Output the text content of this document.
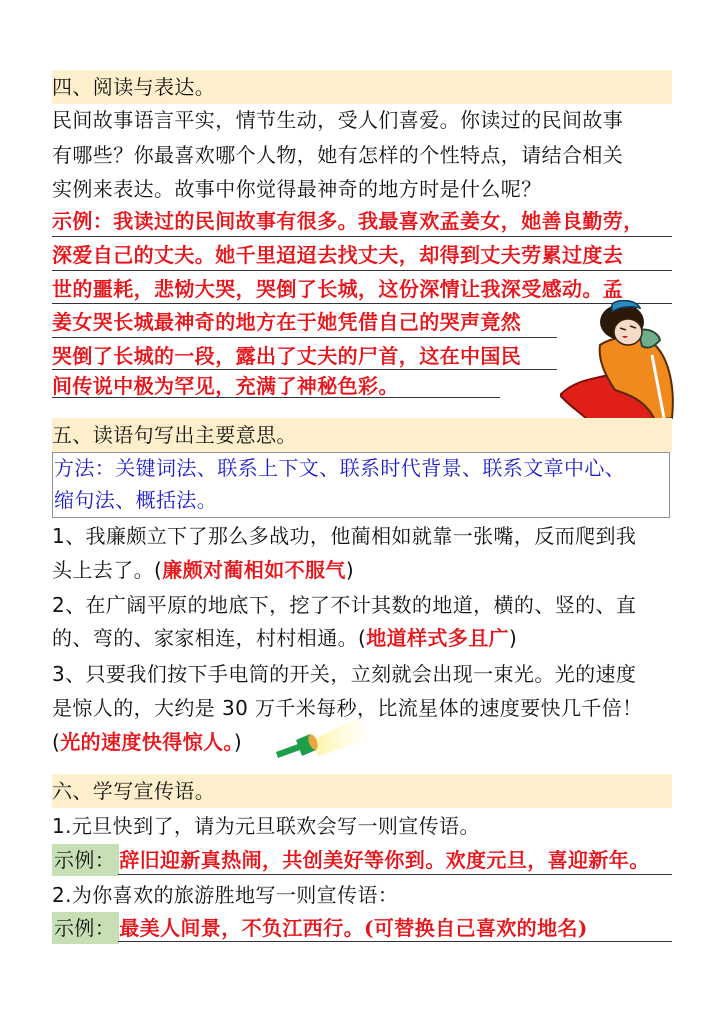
四、阅读与表达。
民间故事语言平实，情节生动，受人们喜爱。你读过的民间故事
有哪些？你最喜欢哪个人物，她有怎样的个性特点，请结合相关
实例来表达。故事中你觉得最神奇的地方时是什么呢？
示例：我读过的民间故事有很多。我最喜欢孟姜女，她善良勤劳，
深爱自己的丈夫。她千里迢迢去找丈夫，却得到丈夫劳累过度去
世的噩耗，悲恸大哭，哭倒了长城，这份深情让我深受感动。孟
姜女哭长城最神奇的地方在于她凭借自己的哭声竟然
哭倒了长城的一段，露出了丈夫的尸首，这在中国民
间传说中极为罕见，充满了神秘色彩。
五、读语句写出主要意思。
方法：关键词法、联系上下文、联系时代背景、联系文章中心、
缩句法、概括法。
1、我廉颇立下了那么多战功，他蔺相如就靠一张嘴，反而爬到我
头上去了。(廉颇对蔺相如不服气)
2、在广阔平原的地底下，挖了不计其数的地道，横的、竖的、直
的、弯的、家家相连，村村相通。(地道样式多且广)
3、只要我们按下手电筒的开关，立刻就会出现一束光。光的速度
是惊人的，大约是 30 万千米每秒，比流星体的速度要快几千倍！
(光的速度快得惊人。)
六、学写宣传语。
1.元旦快到了，请为元旦联欢会写一则宣传语。
示例： 辞旧迎新真热闹，共创美好等你到。欢度元旦，喜迎新年。
2.为你喜欢的旅游胜地写一则宣传语：
示例： 最美人间景，不负江西行。(可替换自己喜欢的地名)
